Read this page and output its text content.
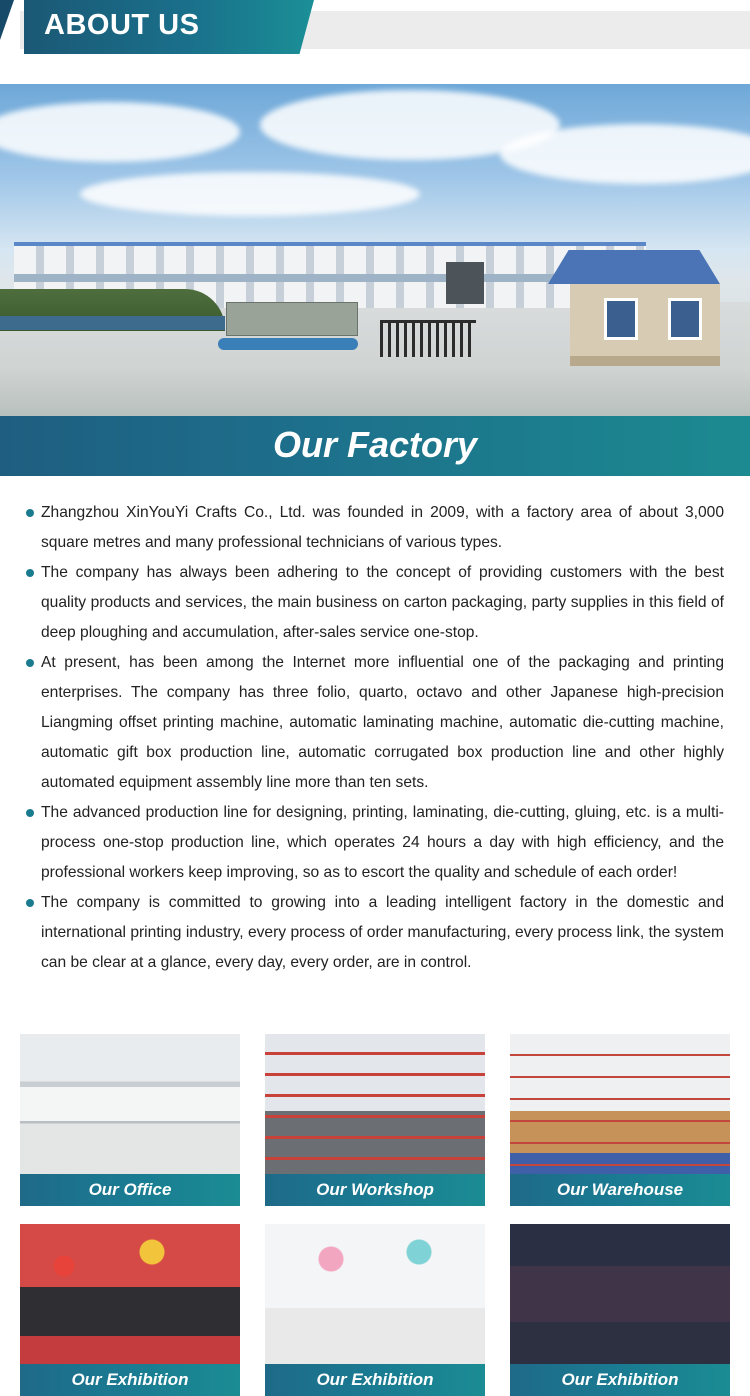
ABOUT US
Our Factory
Zhangzhou XinYouYi Crafts Co., Ltd. was founded in 2009, with a factory area of about 3,000 square metres and many professional technicians of various types.
The company has always been adhering to the concept of providing customers with the best quality products and services, the main business on carton packaging, party supplies in this field of deep ploughing and accumulation, after-sales service one-stop.
At present, has been among the Internet more influential one of the packaging and printing enterprises. The company has three folio, quarto, octavo and other Japanese high-precision Liangming offset printing machine, automatic laminating machine, automatic die-cutting machine, automatic gift box production line, automatic corrugated box production line and other highly automated equipment assembly line more than ten sets.
The advanced production line for designing, printing, laminating, die-cutting, gluing, etc. is a multi-process one-stop production line, which operates 24 hours a day with high efficiency, and the professional workers keep improving, so as to escort the quality and schedule of each order!
The company is committed to growing into a leading intelligent factory in the domestic and international printing industry, every process of order manufacturing, every process link, the system can be clear at a glance, every day, every order, are in control.
Our Office	Our Workshop	Our Warehouse
Our Exhibition	Our Exhibition	Our Exhibition
